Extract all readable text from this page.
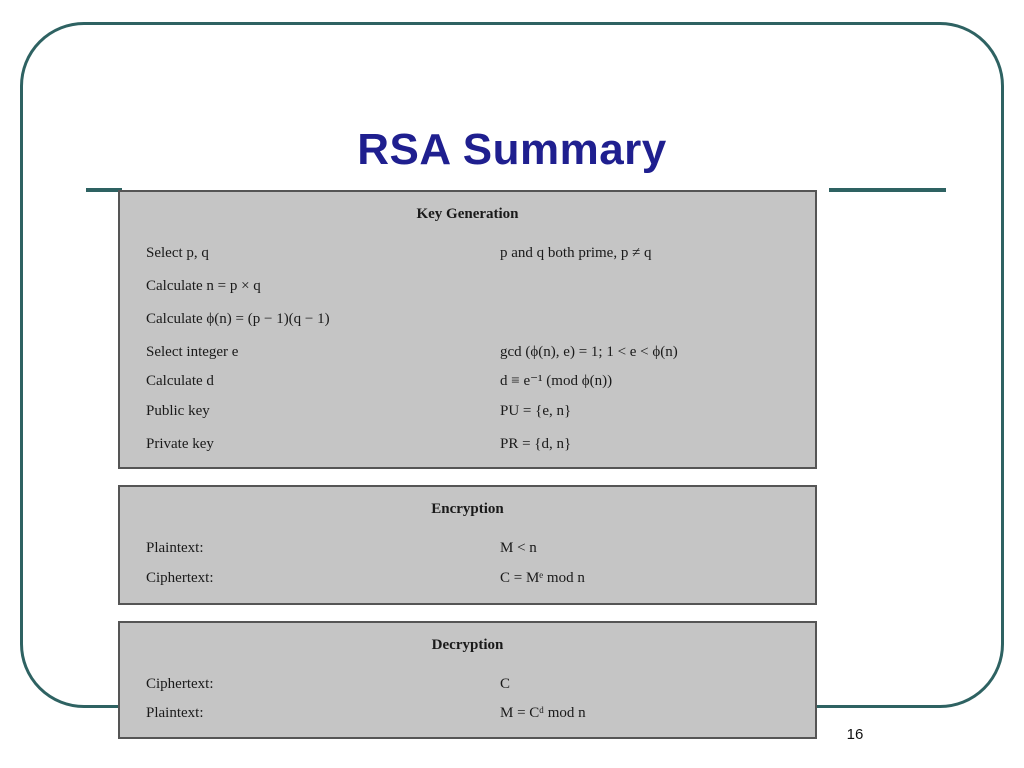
RSA Summary
Key Generation
Select p, q	p and q both prime, p ≠ q
Calculate n = p × q
Calculate ϕ(n) = (p − 1)(q − 1)
Select integer e	gcd (ϕ(n), e) = 1; 1 < e < ϕ(n)
Calculate d	d ≡ e⁻¹ (mod ϕ(n))
Public key	PU = {e, n}
Private key	PR = {d, n}
Encryption
Plaintext:	M < n
Ciphertext:	C = Mᵉ mod n
Decryption
Ciphertext:	C
Plaintext:	M = Cᵈ mod n
16
